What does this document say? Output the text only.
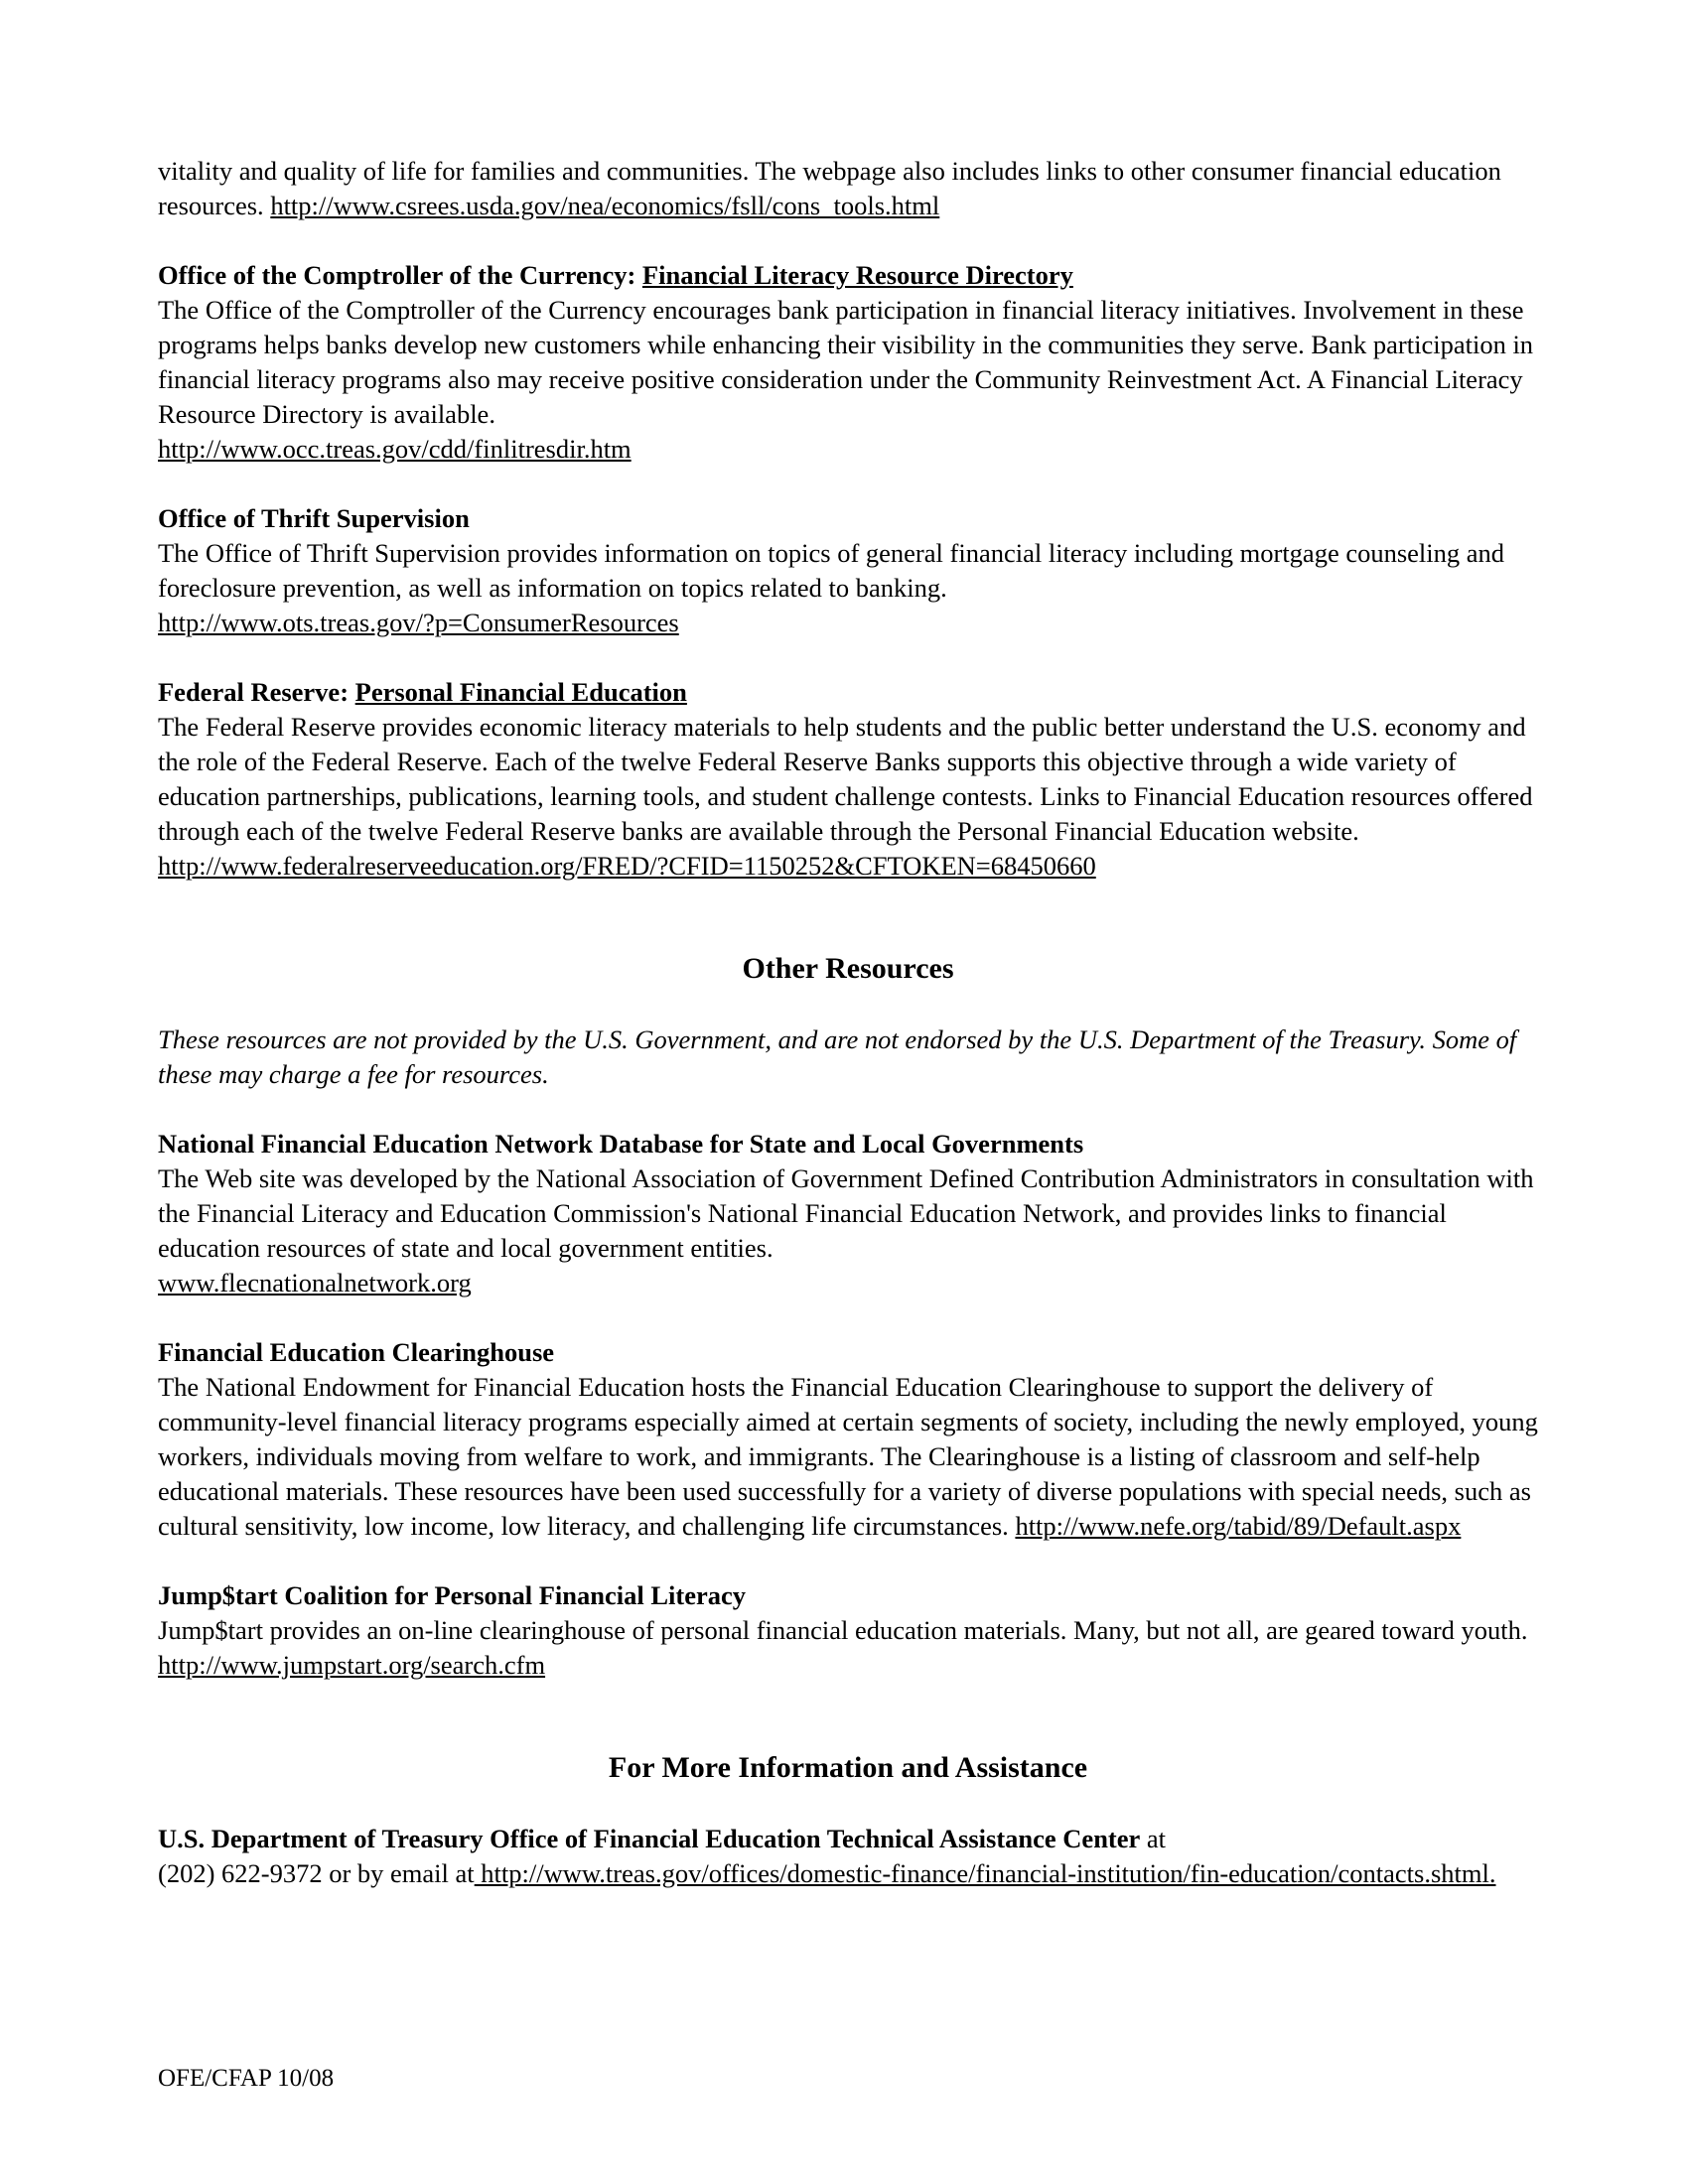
vitality and quality of life for families and communities. The webpage also includes links to other consumer financial education resources. http://www.csrees.usda.gov/nea/economics/fsll/cons_tools.html

Office of the Comptroller of the Currency: Financial Literacy Resource Directory

The Office of the Comptroller of the Currency encourages bank participation in financial literacy initiatives. Involvement in these programs helps banks develop new customers while enhancing their visibility in the communities they serve. Bank participation in financial literacy programs also may receive positive consideration under the Community Reinvestment Act. A Financial Literacy Resource Directory is available.

http://www.occ.treas.gov/cdd/finlitresdir.htm

Office of Thrift Supervision

The Office of Thrift Supervision provides information on topics of general financial literacy including mortgage counseling and foreclosure prevention, as well as information on topics related to banking.

http://www.ots.treas.gov/?p=ConsumerResources

Federal Reserve: Personal Financial Education

The Federal Reserve provides economic literacy materials to help students and the public better understand the U.S. economy and the role of the Federal Reserve. Each of the twelve Federal Reserve Banks supports this objective through a wide variety of education partnerships, publications, learning tools, and student challenge contests. Links to Financial Education resources offered through each of the twelve Federal Reserve banks are available through the Personal Financial Education website.

http://www.federalreserveeducation.org/FRED/?CFID=1150252&CFTOKEN=68450660

Other Resources

These resources are not provided by the U.S. Government, and are not endorsed by the U.S. Department of the Treasury. Some of these may charge a fee for resources.

National Financial Education Network Database for State and Local Governments

The Web site was developed by the National Association of Government Defined Contribution Administrators in consultation with the Financial Literacy and Education Commission's National Financial Education Network, and provides links to financial education resources of state and local government entities.

www.flecnationalnetwork.org

Financial Education Clearinghouse

The National Endowment for Financial Education hosts the Financial Education Clearinghouse to support the delivery of community-level financial literacy programs especially aimed at certain segments of society, including the newly employed, young workers, individuals moving from welfare to work, and immigrants. The Clearinghouse is a listing of classroom and self-help educational materials. These resources have been used successfully for a variety of diverse populations with special needs, such as cultural sensitivity, low income, low literacy, and challenging life circumstances. http://www.nefe.org/tabid/89/Default.aspx

Jump$tart Coalition for Personal Financial Literacy

Jump$tart provides an on-line clearinghouse of personal financial education materials. Many, but not all, are geared toward youth. http://www.jumpstart.org/search.cfm

For More Information and Assistance

U.S. Department of Treasury Office of Financial Education Technical Assistance Center at

(202) 622-9372 or by email at http://www.treas.gov/offices/domestic-finance/financial-institution/fin-education/contacts.shtml.

OFE/CFAP 10/08
